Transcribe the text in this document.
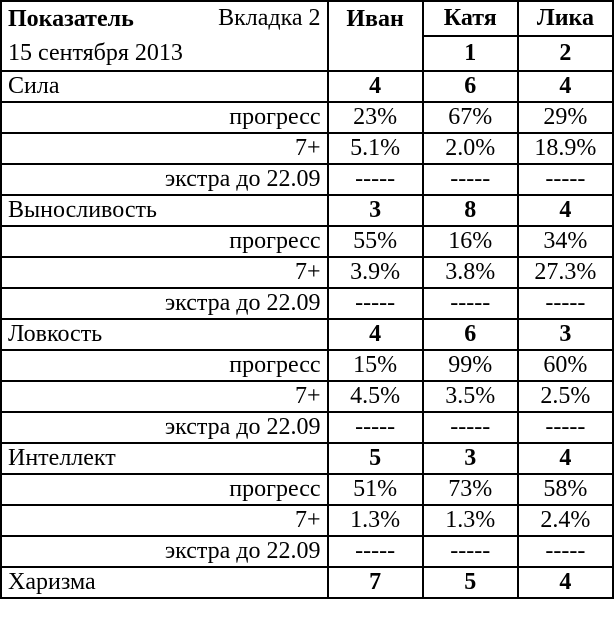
Показатель Вкладка 2	Иван	Катя	Лика
15 сентября 2013		1	2
Сила	4	6	4
прогресс	23%	67%	29%
7+	5.1%	2.0%	18.9%
экстра до 22.09	-----	-----	-----
Выносливость	3	8	4
прогресс	55%	16%	34%
7+	3.9%	3.8%	27.3%
экстра до 22.09	-----	-----	-----
Ловкость	4	6	3
прогресс	15%	99%	60%
7+	4.5%	3.5%	2.5%
экстра до 22.09	-----	-----	-----
Интеллект	5	3	4
прогресс	51%	73%	58%
7+	1.3%	1.3%	2.4%
экстра до 22.09	-----	-----	-----
Харизма	7	5	4
